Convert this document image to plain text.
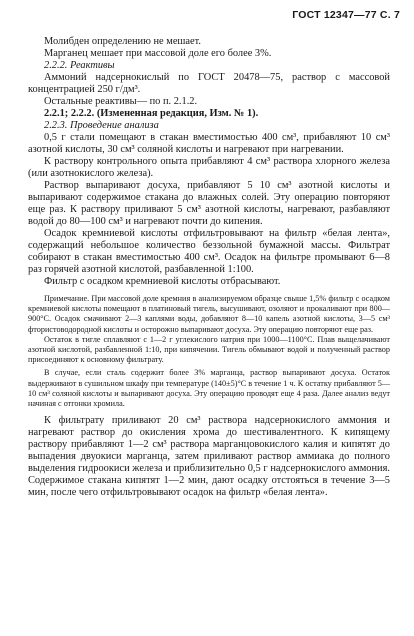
ГОСТ 12347—77 С. 7

Молибден определению не мешает.

Марганец мешает при массовой доле его более 3%.

2.2.2. Реактивы

Аммоний надсернокислый по ГОСТ 20478—75, раствор с массовой концентрацией 250 г/дм³.

Остальные реактивы— по п. 2.1.2.

2.2.1; 2.2.2. (Измененная редакция, Изм. № 1).

2.2.3. Проведение анализа

0,5 г стали помещают в стакан вместимостью 400 см³, прибавляют 10 см³ азотной кислоты, 30 см³ соляной кислоты и нагревают при нагревании.

К раствору контрольного опыта прибавляют 4 см³ раствора хлорного железа (или азотнокислого железа).

Раствор выпаривают досуха, прибавляют 5 10 см³ азотной кислоты и выпаривают содержимое стакана до влажных солей. Эту операцию повторяют еще раз. К раствору приливают 5 см³ азотной кислоты, нагревают, разбавляют водой до 80—100 см³ и нагревают почти до кипения.

Осадок кремниевой кислоты отфильтровывают на фильтр «белая лента», содержащий небольшое количество беззольной бумажной массы. Фильтрат собирают в стакан вместимостью 400 см³. Осадок на фильтре промывают 6—8 раз горячей азотной кислотой, разбавленной 1:100.

Фильтр с осадком кремниевой кислоты отбрасывают.

Примечание. При массовой доле кремния в анализируемом образце свыше 1,5% фильтр с осадком кремниевой кислоты помещают в платиновый тигель, высушивают, озоляют и прокаливают при 800—900°С. Осадок смачивают 2—3 каплями воды, добавляют 8—10 капель азотной кислоты, 3—5 см³ фтористоводородной кислоты и осторожно выпаривают досуха. Эту операцию повторяют еще раз.

Остаток в тигле сплавляют с 1—2 г углекислого натрия при 1000—1100°С. Плав выщелачивают азотной кислотой, разбавленной 1:10, при кипячении. Тигель обмывают водой и полученный раствор присоединяют к основному фильтрату.

В случае, если сталь содержит более 3% марганца, раствор выпаривают досуха. Остаток выдерживают в сушильном шкафу при температуре (140±5)°С в течение 1 ч. К остатку прибавляют 5—10 см³ соляной кислоты и выпаривают досуха. Эту операцию проводят еще 4 раза. Далее анализ ведут начиная с отгонки хромила.

К фильтрату приливают 20 см³ раствора надсернокислого аммония и нагревают раствор до окисления хрома до шестивалентного. К кипящему раствору прибавляют 1—2 см³ раствора марганцовокислого калия и кипятят до выпадения двуокиси марганца, затем приливают раствор аммиака до полного выделения гидроокиси железа и приблизительно 0,5 г надсернокислого аммония. Содержимое стакана кипятят 1—2 мин, дают осадку отстояться в течение 3—5 мин, после чего отфильтровывают осадок на фильтр «белая лента».
